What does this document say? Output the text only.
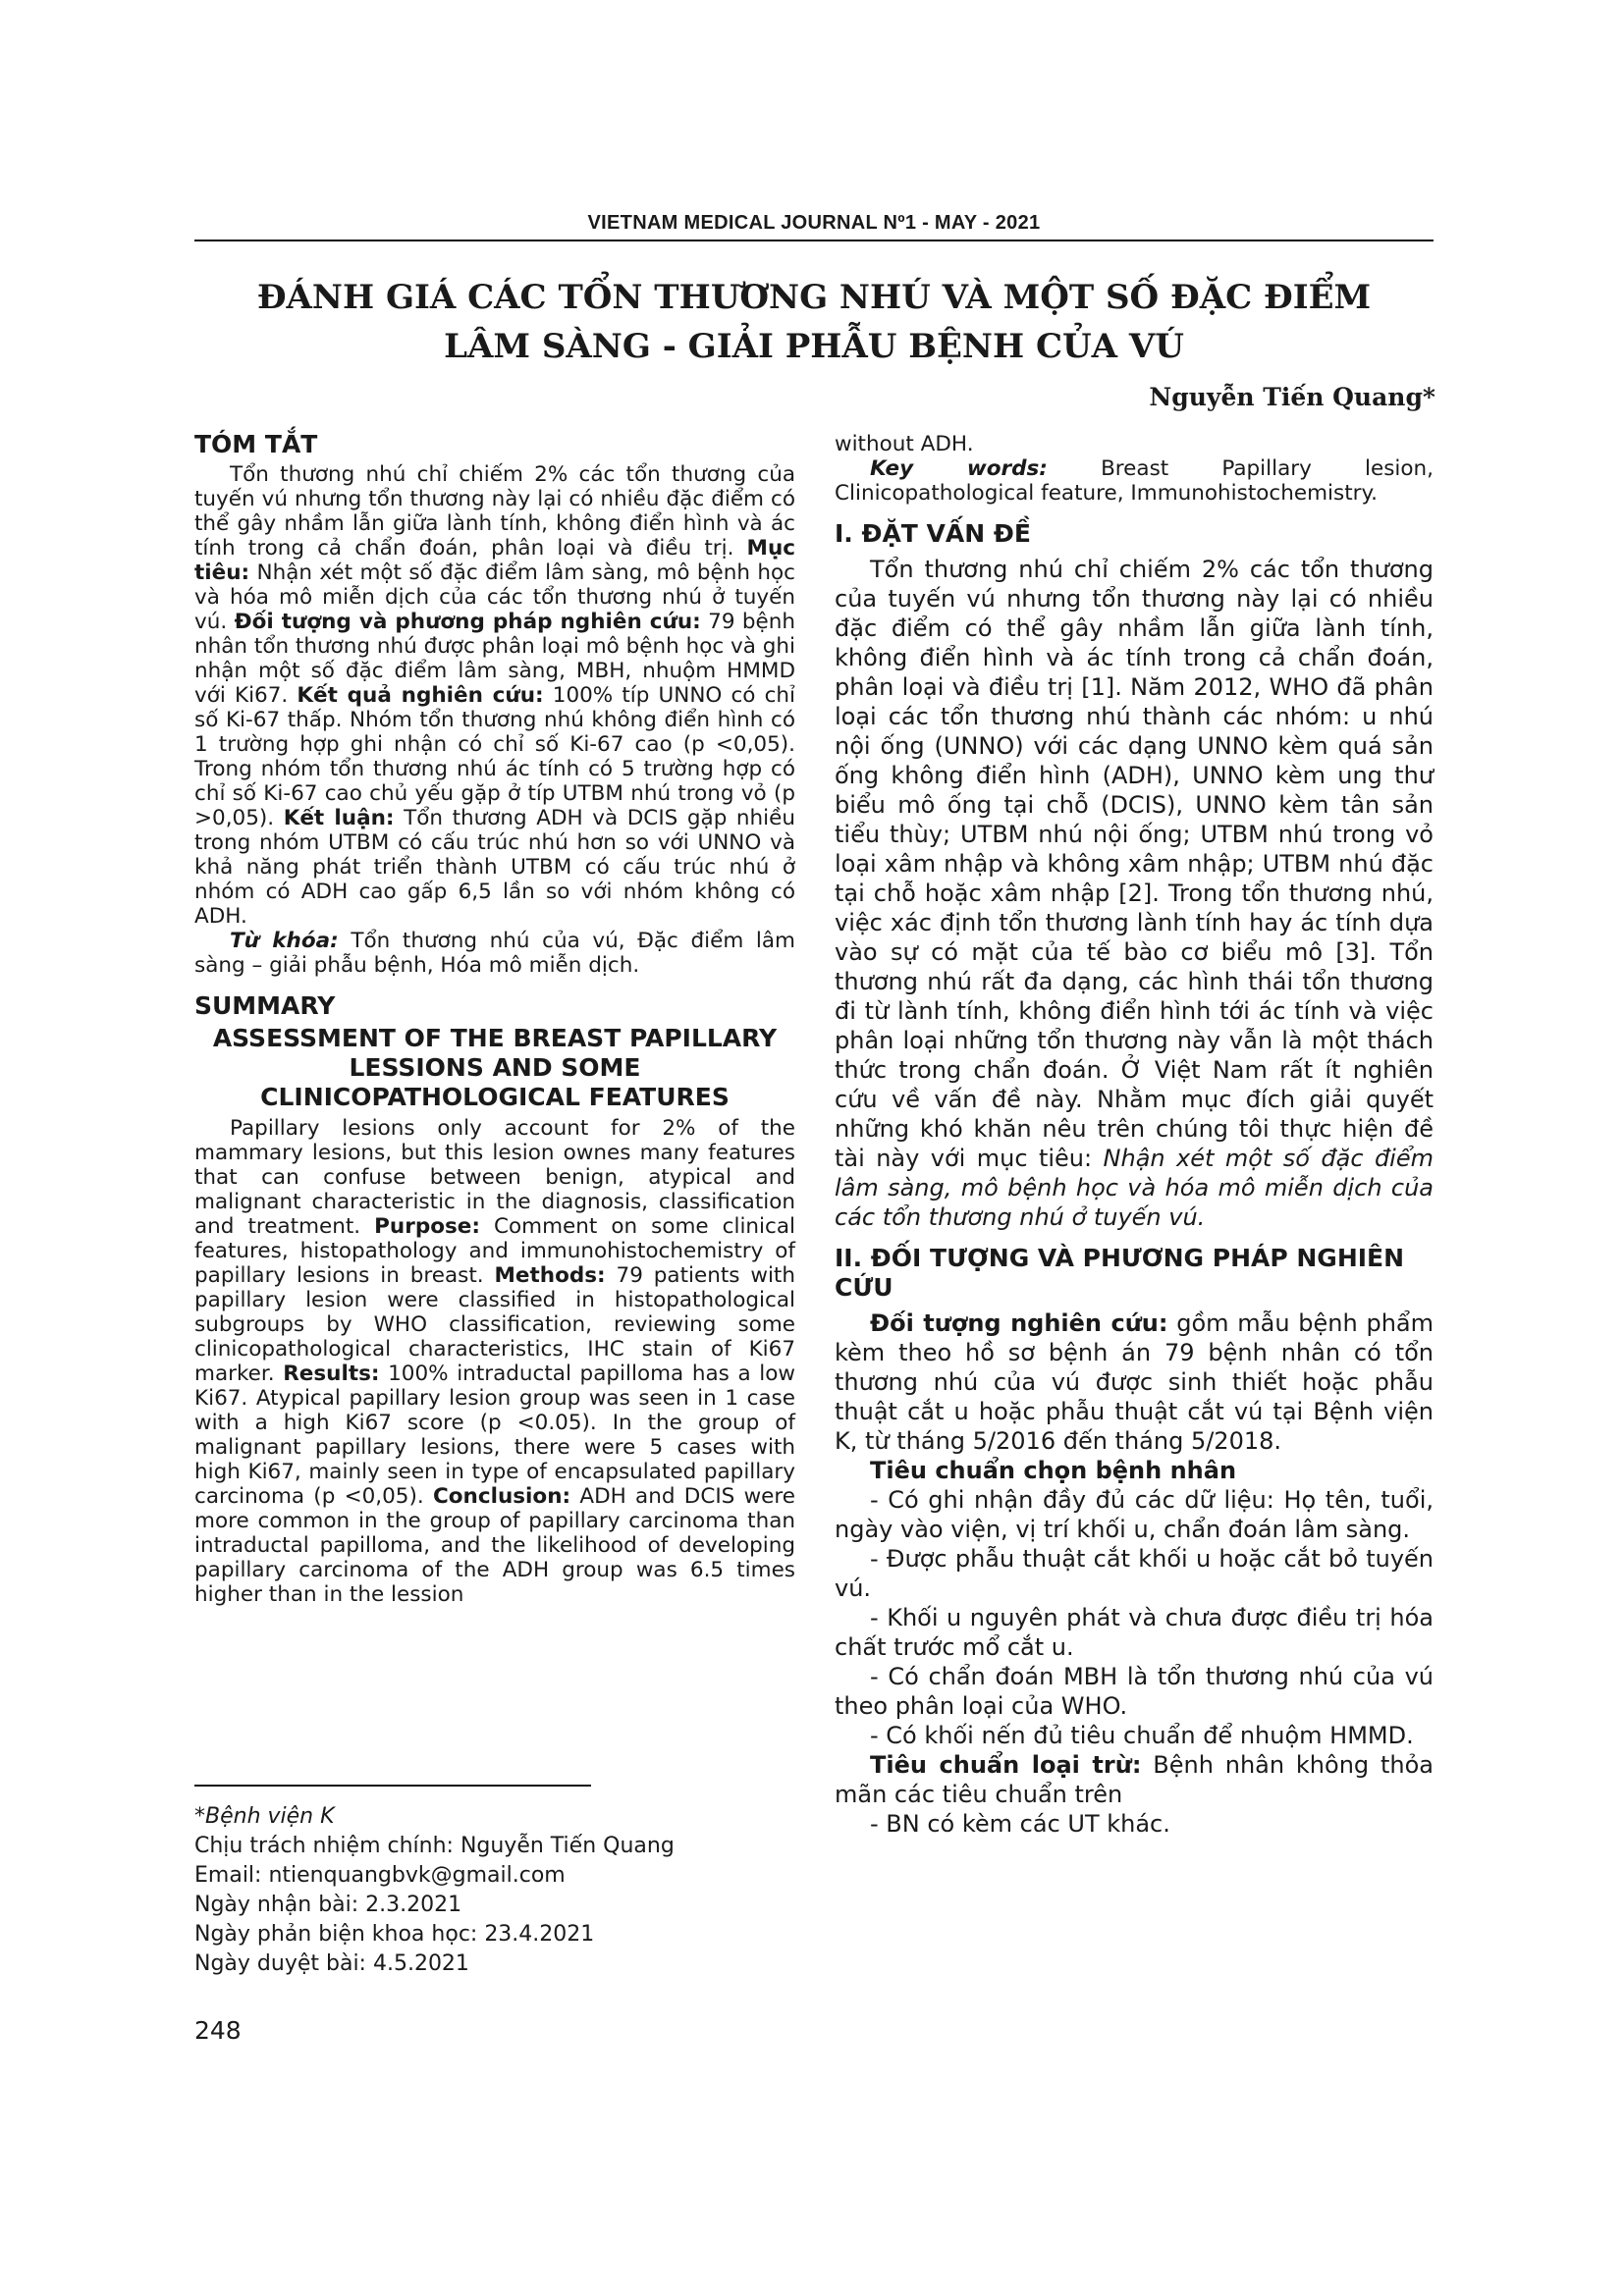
VIETNAM MEDICAL JOURNAL Nº1 - MAY - 2021
ĐÁNH GIÁ CÁC TỔN THƯƠNG NHÚ VÀ MỘT SỐ ĐẶC ĐIỂM
LÂM SÀNG - GIẢI PHẪU BỆNH CỦA VÚ
Nguyễn Tiến Quang*
TÓM TẮT

Tổn thương nhú chỉ chiếm 2% các tổn thương của tuyến vú nhưng tổn thương này lại có nhiều đặc điểm có thể gây nhầm lẫn giữa lành tính, không điển hình và ác tính trong cả chẩn đoán, phân loại và điều trị. Mục tiêu: Nhận xét một số đặc điểm lâm sàng, mô bệnh học và hóa mô miễn dịch của các tổn thương nhú ở tuyến vú. Đối tượng và phương pháp nghiên cứu: 79 bệnh nhân tổn thương nhú được phân loại mô bệnh học và ghi nhận một số đặc điểm lâm sàng, MBH, nhuộm HMMD với Ki67. Kết quả nghiên cứu: 100% típ UNNO có chỉ số Ki-67 thấp. Nhóm tổn thương nhú không điển hình có 1 trường hợp ghi nhận có chỉ số Ki-67 cao (p <0,05). Trong nhóm tổn thương nhú ác tính có 5 trường hợp có chỉ số Ki-67 cao chủ yếu gặp ở típ UTBM nhú trong vỏ (p >0,05). Kết luận: Tổn thương ADH và DCIS gặp nhiều trong nhóm UTBM có cấu trúc nhú hơn so với UNNO và khả năng phát triển thành UTBM có cấu trúc nhú ở nhóm có ADH cao gấp 6,5 lần so với nhóm không có ADH.

Từ khóa: Tổn thương nhú của vú, Đặc điểm lâm sàng – giải phẫu bệnh, Hóa mô miễn dịch.

SUMMARY
ASSESSMENT OF THE BREAST PAPILLARY
LESSIONS AND SOME
CLINICOPATHOLOGICAL FEATURES

Papillary lesions only account for 2% of the mammary lesions, but this lesion ownes many features that can confuse between benign, atypical and malignant characteristic in the diagnosis, classification and treatment. Purpose: Comment on some clinical features, histopathology and immunohistochemistry of papillary lesions in breast. Methods: 79 patients with papillary lesion were classified in histopathological subgroups by WHO classification, reviewing some clinicopathological characteristics, IHC stain of Ki67 marker. Results: 100% intraductal papilloma has a low Ki67. Atypical papillary lesion group was seen in 1 case with a high Ki67 score (p <0.05). In the group of malignant papillary lesions, there were 5 cases with high Ki67, mainly seen in type of encapsulated papillary carcinoma (p <0,05). Conclusion: ADH and DCIS were more common in the group of papillary carcinoma than intraductal papilloma, and the likelihood of developing papillary carcinoma of the ADH group was 6.5 times higher than in the lession

*Bệnh viện K
Chịu trách nhiệm chính: Nguyễn Tiến Quang
Email: ntienquangbvk@gmail.com
Ngày nhận bài: 2.3.2021
Ngày phản biện khoa học: 23.4.2021
Ngày duyệt bài: 4.5.2021
248

without ADH.

Key words:	Breast Papillary lesion, Clinicopathological feature, Immunohistochemistry.

I. ĐẶT VẤN ĐỀ

Tổn thương nhú chỉ chiếm 2% các tổn thương của tuyến vú nhưng tổn thương này lại có nhiều đặc điểm có thể gây nhầm lẫn giữa lành tính, không điển hình và ác tính trong cả chẩn đoán, phân loại và điều trị [1]. Năm 2012, WHO đã phân loại các tổn thương nhú thành các nhóm: u nhú nội ống (UNNO) với các dạng UNNO kèm quá sản ống không điển hình (ADH), UNNO kèm ung thư biểu mô ống tại chỗ (DCIS), UNNO kèm tân sản tiểu thùy; UTBM nhú nội ống; UTBM nhú trong vỏ loại xâm nhập và không xâm nhập; UTBM nhú đặc tại chỗ hoặc xâm nhập [2]. Trong tổn thương nhú, việc xác định tổn thương lành tính hay ác tính dựa vào sự có mặt của tế bào cơ biểu mô [3]. Tổn thương nhú rất đa dạng, các hình thái tổn thương đi từ lành tính, không điển hình tới ác tính và việc phân loại những tổn thương này vẫn là một thách thức trong chẩn đoán. Ở Việt Nam rất ít nghiên cứu về vấn đề này. Nhằm mục đích giải quyết những khó khăn nêu trên chúng tôi thực hiện đề tài này với mục tiêu: Nhận xét một số đặc điểm lâm sàng, mô bệnh học và hóa mô miễn dịch của các tổn thương nhú ở tuyến vú.

II. ĐỐI TƯỢNG VÀ PHƯƠNG PHÁP NGHIÊN CỨU

Đối tượng nghiên cứu: gồm mẫu bệnh phẩm kèm theo hồ sơ bệnh án 79 bệnh nhân có tổn thương nhú của vú được sinh thiết hoặc phẫu thuật cắt u hoặc phẫu thuật cắt vú tại Bệnh viện K, từ tháng 5/2016 đến tháng 5/2018.

Tiêu chuẩn chọn bệnh nhân

- Có ghi nhận đầy đủ các dữ liệu: Họ tên, tuổi, ngày vào viện, vị trí khối u, chẩn đoán lâm sàng.

- Được phẫu thuật cắt khối u hoặc cắt bỏ tuyến vú.

- Khối u nguyên phát và chưa được điều trị hóa chất trước mổ cắt u.

- Có chẩn đoán MBH là tổn thương nhú của vú theo phân loại của WHO.

- Có khối nến đủ tiêu chuẩn để nhuộm HMMD.

Tiêu chuẩn loại trừ: Bệnh nhân không thỏa mãn các tiêu chuẩn trên

- BN có kèm các UT khác.
